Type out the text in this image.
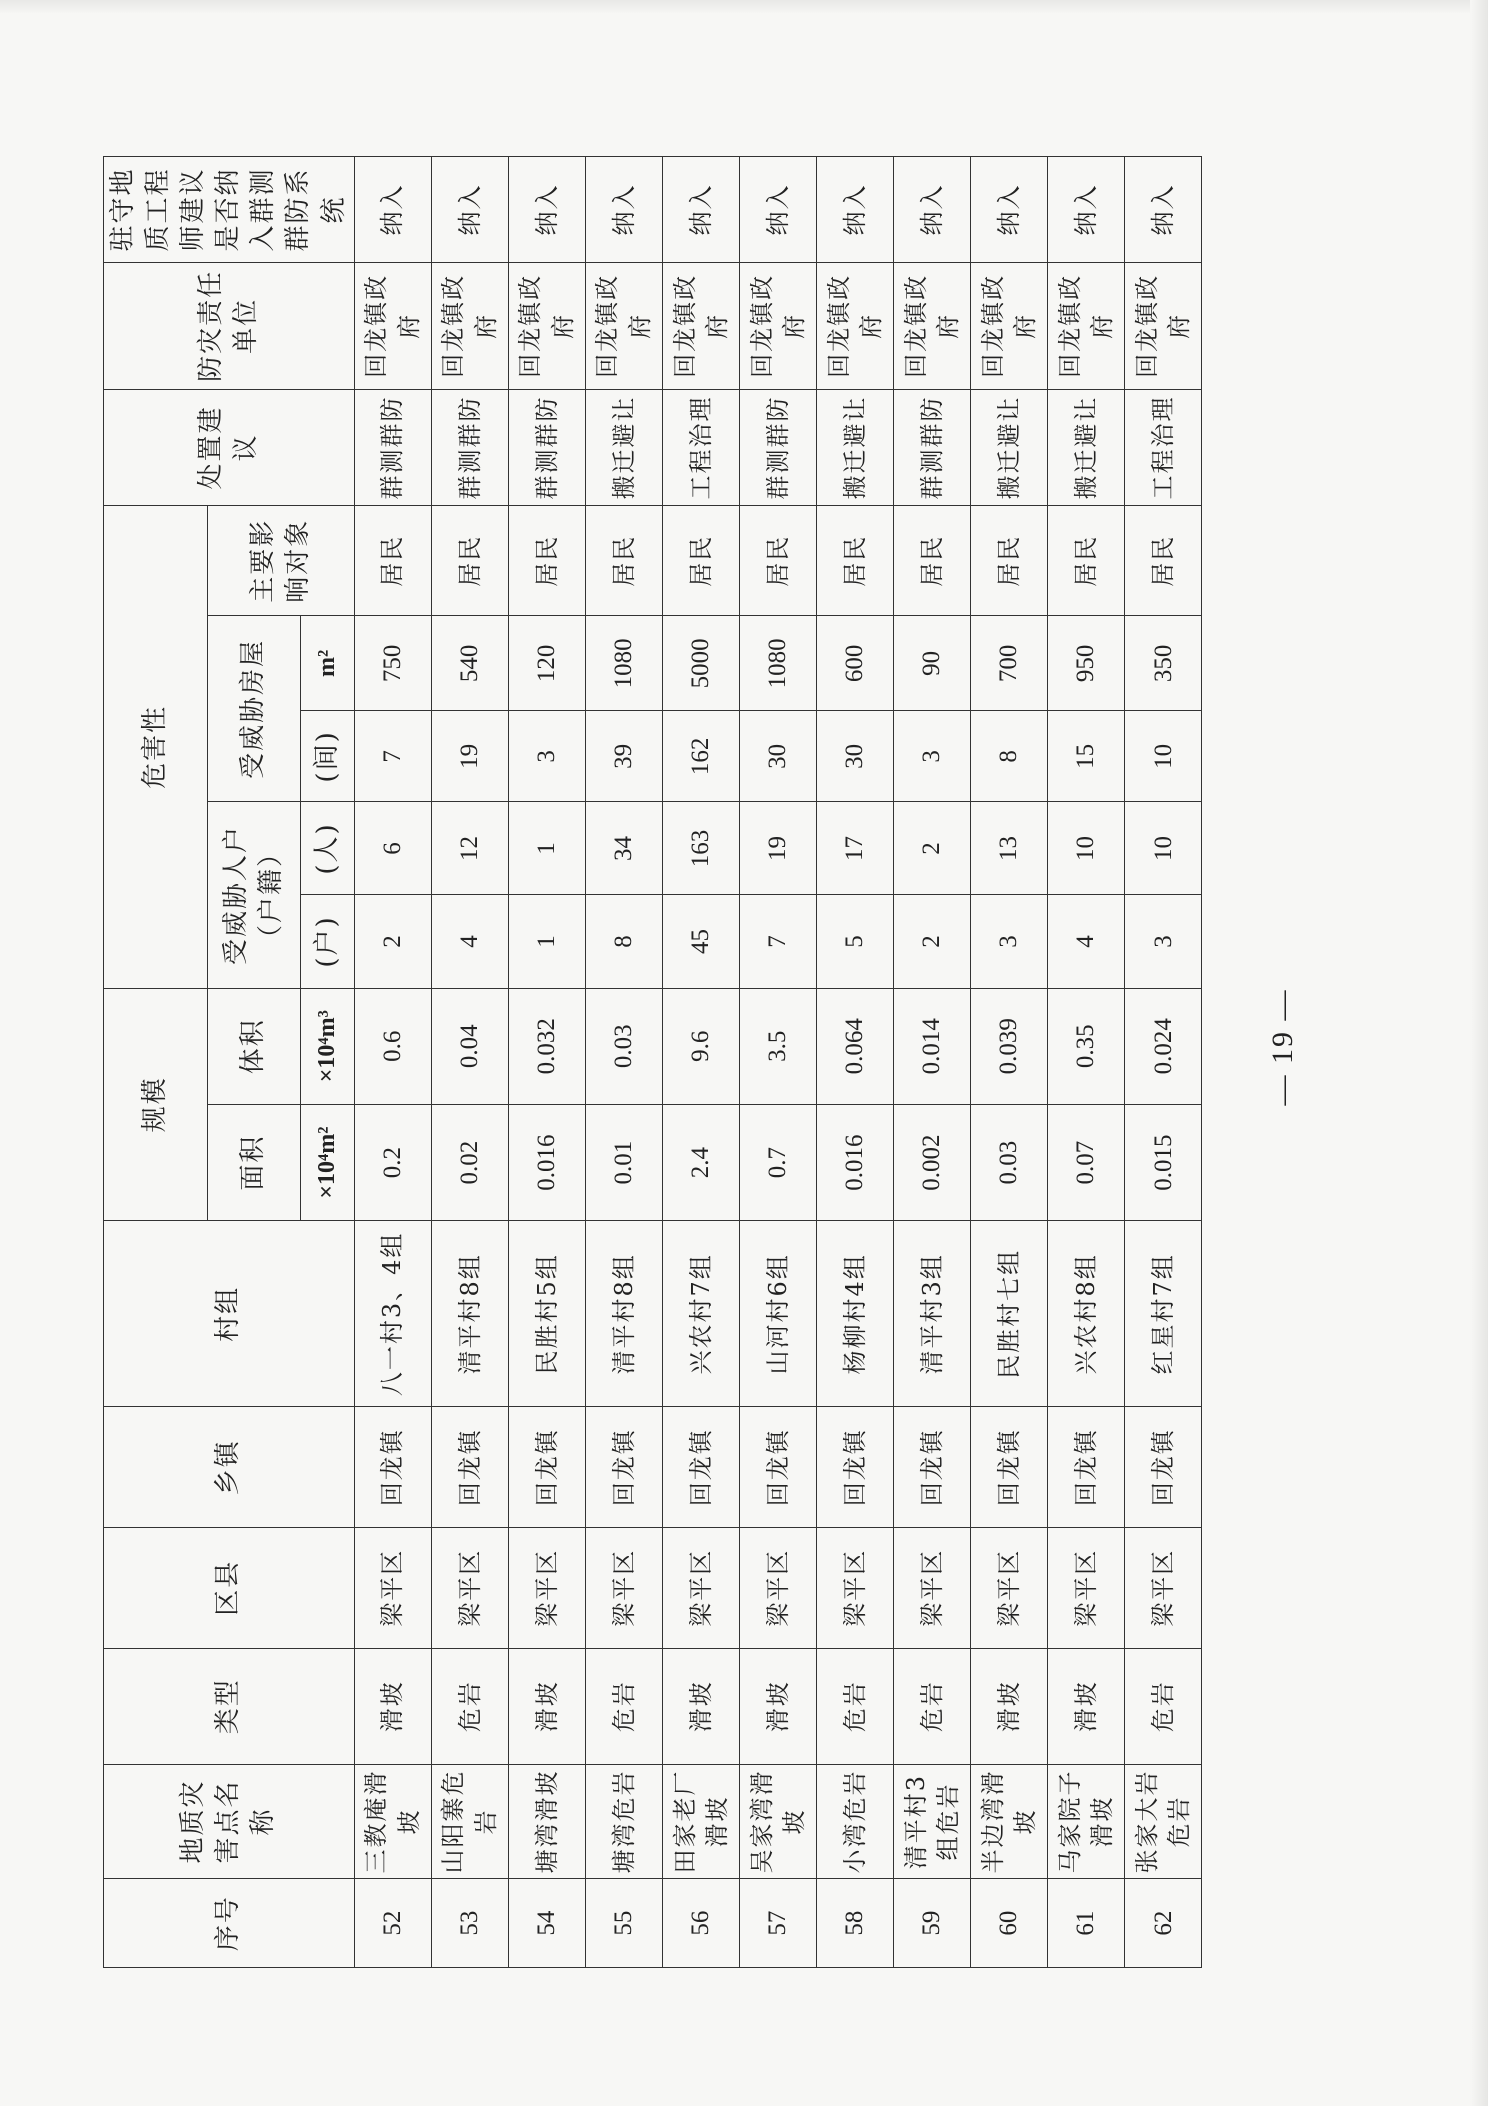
序号	地质灾害点名称	类型	区县	乡镇	村组	规模		危害性					处置建议	防灾责任单位	驻守地质工程师建议是否纳入群测群防系统
						面积	体积	受威胁人户（户籍）		受威胁房屋		主要影响对象			
						×10⁴m²	×10⁴m³	(户)	(人)	(间)	m²				
52	三教庵滑坡	滑坡	梁平区	回龙镇	八一村3、4组	0.2	0.6	2	6	7	750	居民	群测群防	回龙镇政府	纳入
53	山阳寨危岩	危岩	梁平区	回龙镇	清平村8组	0.02	0.04	4	12	19	540	居民	群测群防	回龙镇政府	纳入
54	塘湾滑坡	滑坡	梁平区	回龙镇	民胜村5组	0.016	0.032	1	1	3	120	居民	群测群防	回龙镇政府	纳入
55	塘湾危岩	危岩	梁平区	回龙镇	清平村8组	0.01	0.03	8	34	39	1080	居民	搬迁避让	回龙镇政府	纳入
56	田家老厂滑坡	滑坡	梁平区	回龙镇	兴农村7组	2.4	9.6	45	163	162	5000	居民	工程治理	回龙镇政府	纳入
57	吴家湾滑坡	滑坡	梁平区	回龙镇	山河村6组	0.7	3.5	7	19	30	1080	居民	群测群防	回龙镇政府	纳入
58	小湾危岩	危岩	梁平区	回龙镇	杨柳村4组	0.016	0.064	5	17	30	600	居民	搬迁避让	回龙镇政府	纳入
59	清平村3组危岩	危岩	梁平区	回龙镇	清平村3组	0.002	0.014	2	2	3	90	居民	群测群防	回龙镇政府	纳入
60	半边湾滑坡	滑坡	梁平区	回龙镇	民胜村七组	0.03	0.039	3	13	8	700	居民	搬迁避让	回龙镇政府	纳入
61	马家院子滑坡	滑坡	梁平区	回龙镇	兴农村8组	0.07	0.35	4	10	15	950	居民	搬迁避让	回龙镇政府	纳入
62	张家大岩危岩	危岩	梁平区	回龙镇	红星村7组	0.015	0.024	3	10	10	350	居民	工程治理	回龙镇政府	纳入
— 19 —
